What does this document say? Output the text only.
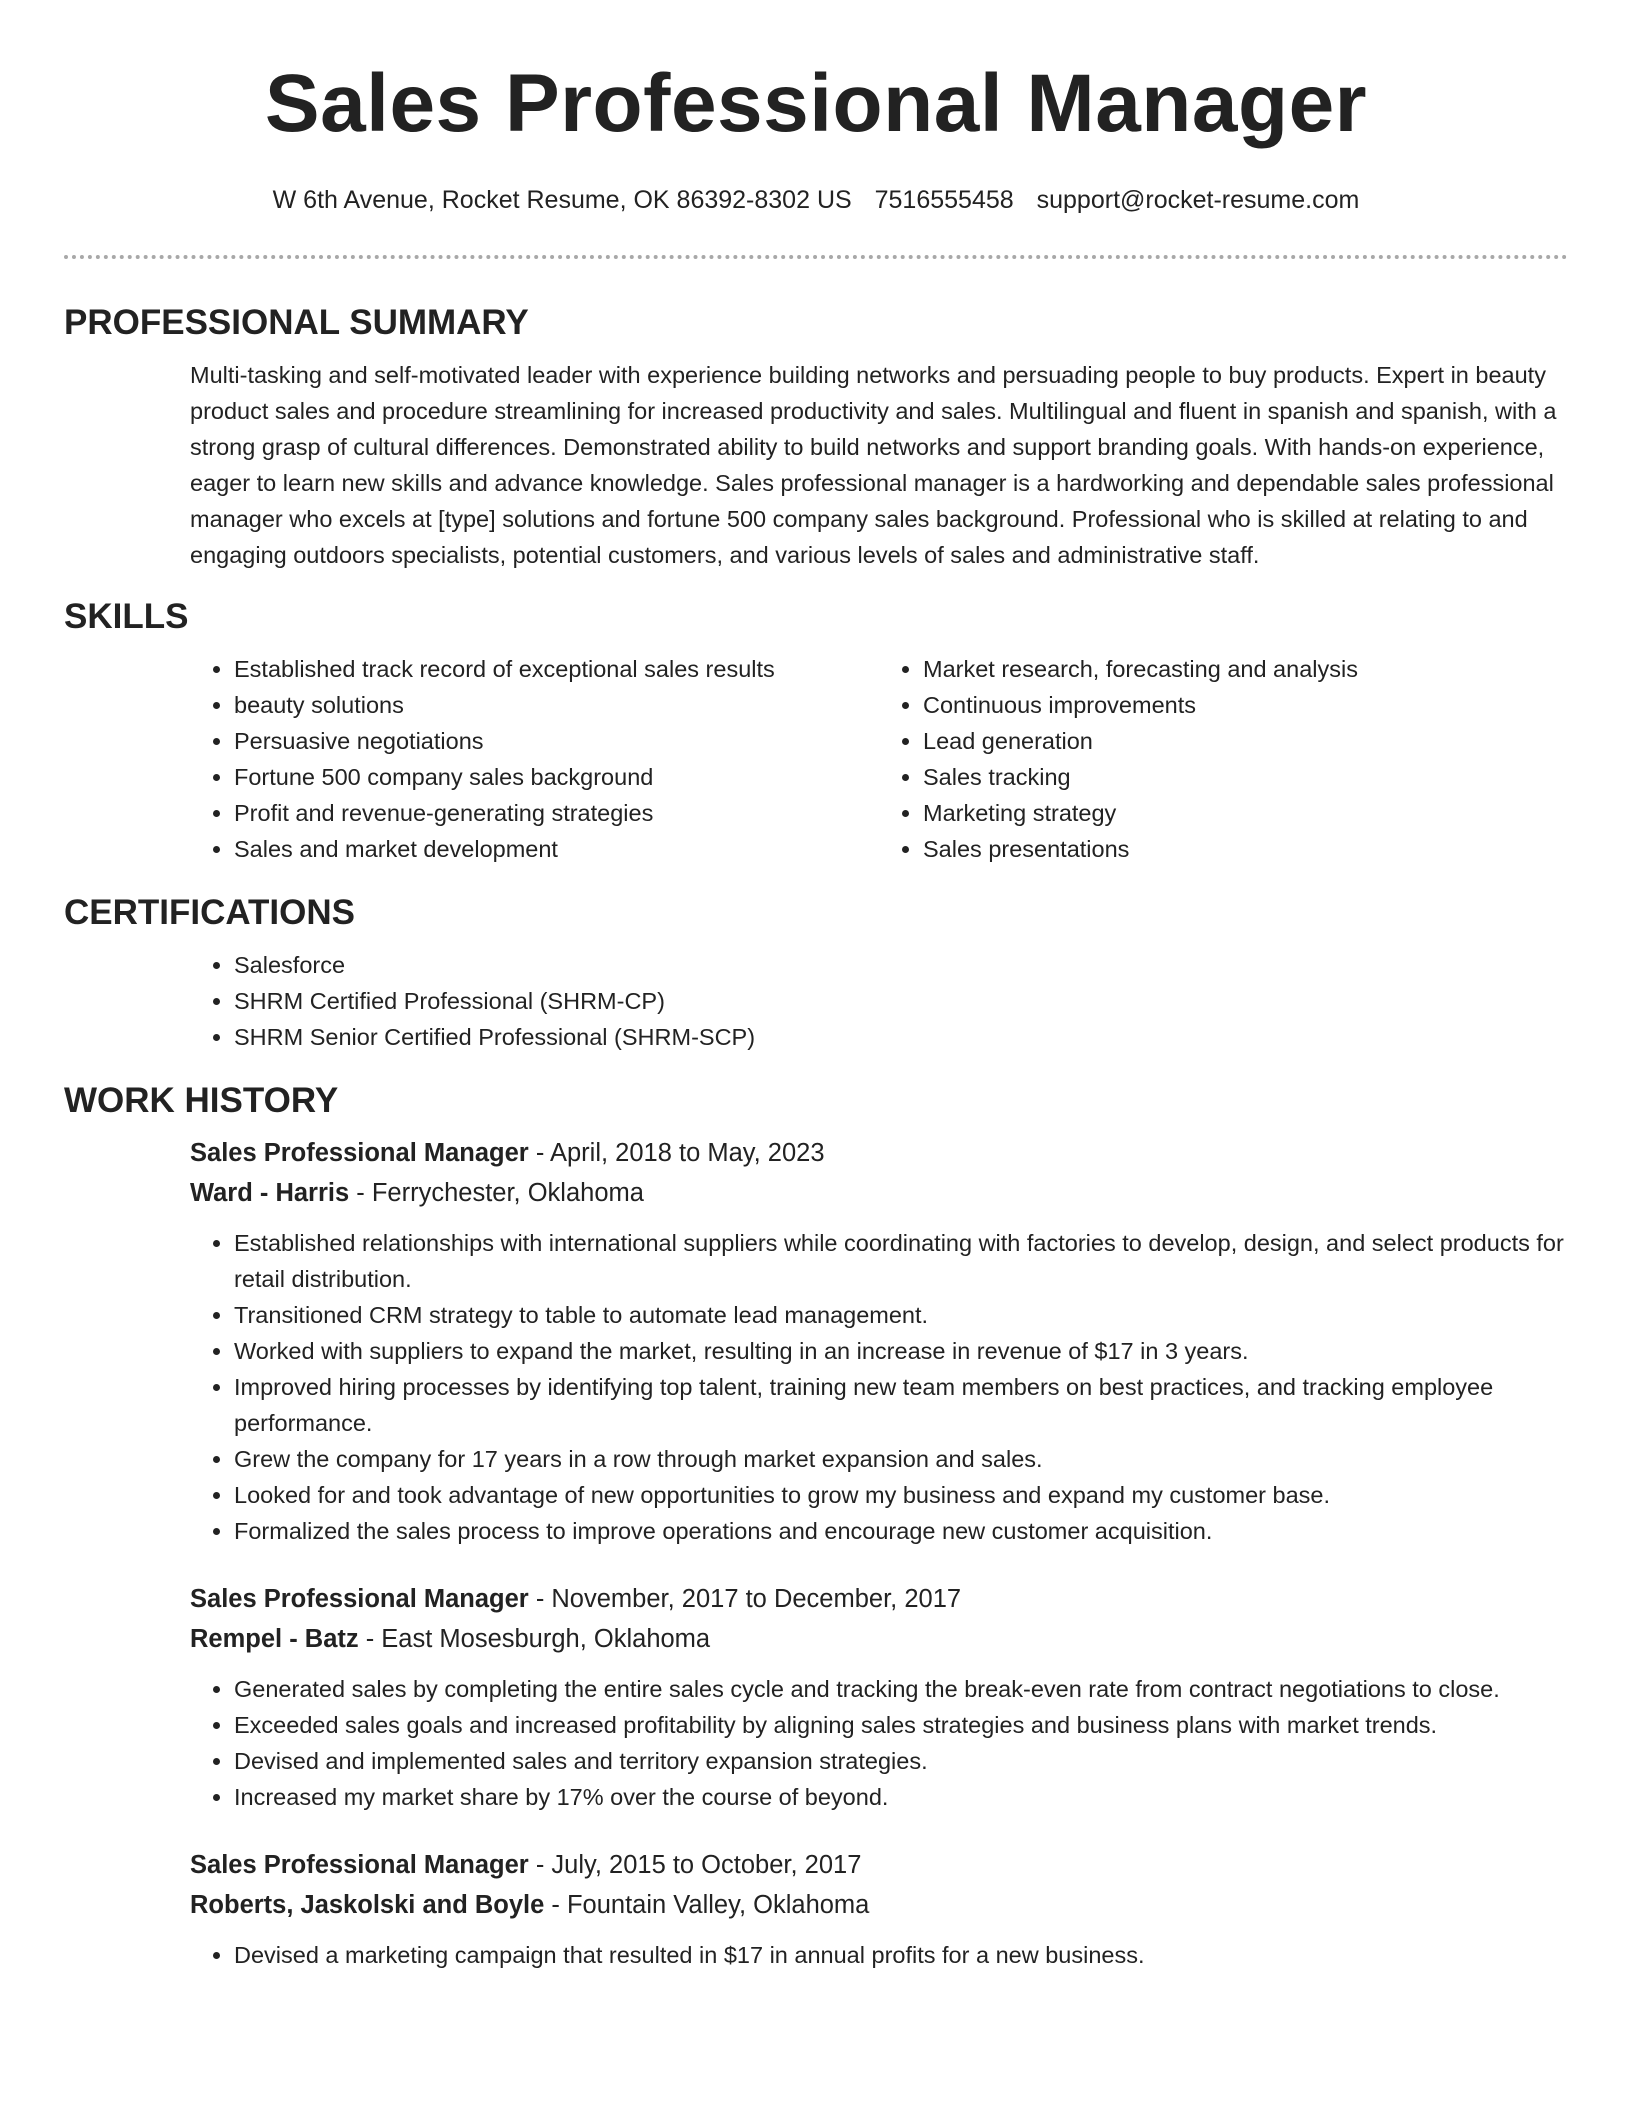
Sales Professional Manager
W 6th Avenue, Rocket Resume, OK 86392-8302 US 7516555458 support@rocket-resume.com
PROFESSIONAL SUMMARY

Multi-tasking and self-motivated leader with experience building networks and persuading people to buy products. Expert in beauty product sales and procedure streamlining for increased productivity and sales. Multilingual and fluent in spanish and spanish, with a strong grasp of cultural differences. Demonstrated ability to build networks and support branding goals. With hands-on experience, eager to learn new skills and advance knowledge. Sales professional manager is a hardworking and dependable sales professional manager who excels at [type] solutions and fortune 500 company sales background. Professional who is skilled at relating to and engaging outdoors specialists, potential customers, and various levels of sales and administrative staff.

SKILLS
• Established track record of exceptional sales results
• beauty solutions
• Persuasive negotiations
• Fortune 500 company sales background
• Profit and revenue-generating strategies
• Sales and market development
• Market research, forecasting and analysis
• Continuous improvements
• Lead generation
• Sales tracking
• Marketing strategy
• Sales presentations
CERTIFICATIONS
• Salesforce
• SHRM Certified Professional (SHRM-CP)
• SHRM Senior Certified Professional (SHRM-SCP)
WORK HISTORY
Sales Professional Manager - April, 2018 to May, 2023
Ward - Harris - Ferrychester, Oklahoma
• Established relationships with international suppliers while coordinating with factories to develop, design, and select products for retail distribution.
• Transitioned CRM strategy to table to automate lead management.
• Worked with suppliers to expand the market, resulting in an increase in revenue of $17 in 3 years.
• Improved hiring processes by identifying top talent, training new team members on best practices, and tracking employee performance.
• Grew the company for 17 years in a row through market expansion and sales.
• Looked for and took advantage of new opportunities to grow my business and expand my customer base.
• Formalized the sales process to improve operations and encourage new customer acquisition.
Sales Professional Manager - November, 2017 to December, 2017
Rempel - Batz - East Mosesburgh, Oklahoma
• Generated sales by completing the entire sales cycle and tracking the break-even rate from contract negotiations to close.
• Exceeded sales goals and increased profitability by aligning sales strategies and business plans with market trends.
• Devised and implemented sales and territory expansion strategies.
• Increased my market share by 17% over the course of beyond.
Sales Professional Manager - July, 2015 to October, 2017
Roberts, Jaskolski and Boyle - Fountain Valley, Oklahoma
• Devised a marketing campaign that resulted in $17 in annual profits for a new business.
